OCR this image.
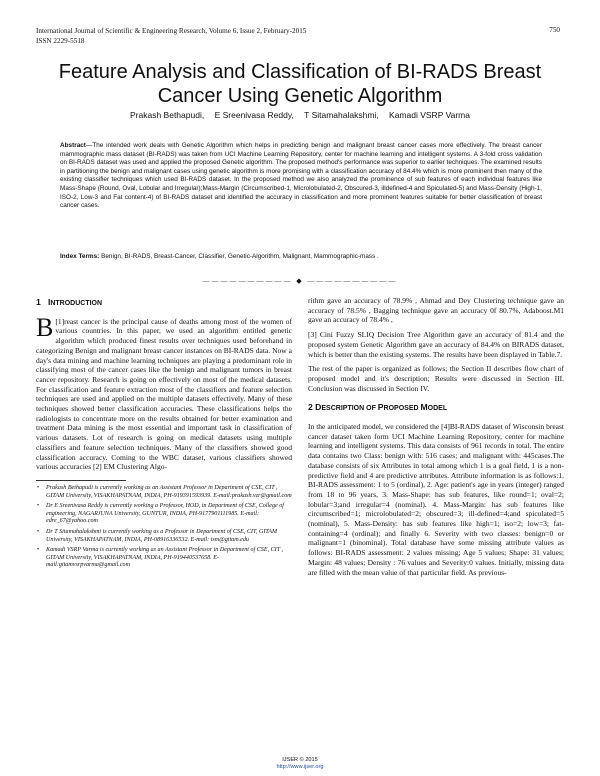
International Journal of Scientific & Engineering Research, Volume 6, Issue 2, February-2015
ISSN 2229-5518
750
Feature Analysis and Classification of BI-RADS Breast Cancer Using Genetic Algorithm
Prakash Bethapudi, E Sreenivasa Reddy, T Sitamahalakshmi, Kamadi VSRP Varma
Abstract—The intended work deals with Genetic Algorithm which helps in predicting benign and malignant breast cancer cases more effectively. The breast cancer mammographic mass dataset (BI-RADS) was taken from UCI Machine Learning Repository, center for machine learning and intelligent systems. A 3-fold cross validation on BI-RADS dataset was used and applied the proposed Genetic algorithm. The proposed method's performance was superior to earlier techniques. The examined results in partitioning the benign and malignant cases using genetic algorithm is more promising with a classification accuracy of 84.4% which is more prominent then many of the existing classifier techniques which used BI-RADS dataset. In the proposed method we also analyzed the prominence of sub features of each individual features like Mass-Shape (Round, Oval, Lobular and Irregular);Mass-Margin (Circumscribed-1, Microlobulated-2, Obscured-3, illdefined-4 and Spiculated-5) and Mass-Density (High-1, ISO-2, Low-3 and Fat content-4) of BI-RADS dataset and identified the accuracy in classification and more prominent features suitable for better classification of breast cancer cases.
Index Terms: Benign, BI-RADS, Breast-Cancer, Classifier, Genetic-Algorithm, Malignant, Mammographic-mass .
—————————— ◆ ——————————
1 INTRODUCTION

B [1]reast cancer is the principal cause of deaths among most of the women of various countries. In this paper, we used an algorithm entitled genetic algorithm which produced finest results over techniques used beforehand in categorizing Benign and malignant breast cancer instances on BI-RADS data. Now a day's data mining and machine learning techniques are playing a predominant role in classifying most of the cancer cases like the benign and malignant tumors in breast cancer repository. Research is going on effectively on most of the medical datasets. For classification and feature extraction most of the classifiers and feature selection techniques are used and applied on the multiple datasets effectively. Many of these techniques showed better classification accuracies. These classifications helps the radiologists to concentrate more on the results obtained for better examination and treatment Data mining is the most essential and important task in classification of various datasets. Lot of research is going on medical datasets using multiple classifiers and feature selection techniques. Many of the classifiers showed good classification accuracy. Coming to the WBC dataset, various classifiers showed various accuracies [2] EM Clustering Algo-

• Prakash Bethapudi is currently working as an Assistant Professor in Department of CSE, CIT , GITAM University, VISAKHAPATNAM, INDIA, PH-919391593939. E-mail:prakash.vzr@gmail.com
• Dr E Sreenivasa Reddy is currently working a Professor, HOD, in Department of CSE, College of engineering, NAGARJUNA University, GUNTUR, INDIA, PH-9177901111985. E-mail: edre_67@yahoo.com
• Dr T Sitamahalakshmi is currently working as a Professor in Department of CSE, CIT, GITAM University, VISAKHAPATNAM, INDIA, PH-08916336532. E-mail: tsm@gitam.edu
• Kamadi VSRP Varma is currently working as an Assistant Professor in Department of CSE, CIT , GITAM University, VISAKHAPATNAM, INDIA, PH-919440537658. E-mail:gitamvsrpvarma@gmail.com

rithm gave an accuracy of 78.9% , Ahmad and Dey Clustering technique gave an accuracy of 78.5% , Bagging technique gave an accuracy 0f 80.7%, Adaboost.M1 gave an accuracy of 78.4% ,

[3] Cini Fuzzy SLIQ Decision Tree Algorithm gave an accuracy of 81.4 and the proposed system Genetic Algorithm gave an accuracy of 84.4% on BIRADS dataset, which is better than the existing systems. The results have been displayed in Table.7.

The rest of the paper is organized as follows; the Section II describes flow chart of proposed model and it's description; Results were discussed in Section III. Conclusion was discussed in Section IV.

2 DESCRIPTION OF PROPOSED MODEL

In the anticipated model, we considered the [4]BI-RADS dataset of Wisconsin breast cancer dataset taken form UCI Machine Learning Repository, center for machine learning and intelligent systems. This data consists of 961 records in total. The entire data contains two Class: benign with: 516 cases; and malignant with: 445cases.The database consists of six Attributes in total among which 1 is a goal field, 1 is a non-predictive field and 4 are predictive attributes. Attribute information is as follows:1. BI-RADS assessment: 1 to 5 (ordinal), 2. Age: patient's age in years (integer) ranged from 18 to 96 years, 3. Mass-Shape: has sub features, like round=1; oval=2; lobular=3;and irregular=4 (nominal). 4. Mass-Margin: has sub features like circumscribed=1; microlobulated=2; obscured=3; ill-defined=4;and spiculated=5 (nominal), 5. Mass-Density: has sub features like high=1; iso=2; low=3; fat-containing=4 (ordinal); and finally 6. Severity with two classes: benign=0 or malignant=1 (binominal). Total database have some missing attribute values as follows: BI-RADS assessment: 2 values missing; Age 5 values; Shape: 31 values; Margin: 48 values; Density : 76 values and Severity:0 values. Initially, missing data are filled with the mean value of that particular field. As previous-

IJSER © 2015
http://www.ijser.org
